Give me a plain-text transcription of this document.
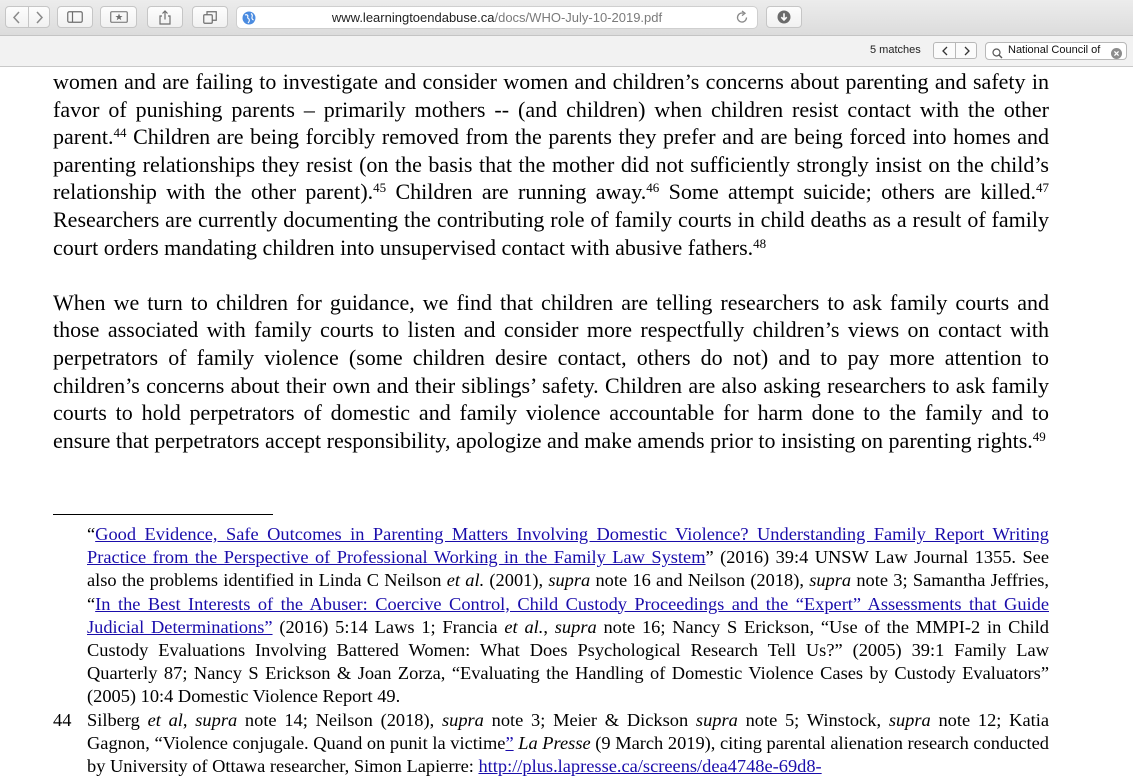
www.learningtoendabuse.ca/docs/WHO-July-10-2019.pdf
5 matches	National Council of

women and are failing to investigate and consider women and children’s concerns about parenting and safety in favor of punishing parents – primarily mothers -- (and children) when children resist contact with the other parent.$^{44}$ Children are being forcibly removed from the parents they prefer and are being forced into homes and parenting relationships they resist (on the basis that the mother did not sufficiently strongly insist on the child’s relationship with the other parent).$^{45}$ Children are running away.$^{46}$ Some attempt suicide; others are killed.$^{47}$ Researchers are currently documenting the contributing role of family courts in child deaths as a result of family court orders mandating children into unsupervised contact with abusive fathers.$^{48}$

When we turn to children for guidance, we find that children are telling researchers to ask family courts and those associated with family courts to listen and consider more respectfully children’s views on contact with perpetrators of family violence (some children desire contact, others do not) and to pay more attention to children’s concerns about their own and their siblings’ safety. Children are also asking researchers to ask family courts to hold perpetrators of domestic and family violence accountable for harm done to the family and to ensure that perpetrators accept responsibility, apologize and make amends prior to insisting on parenting rights.$^{49}$

“Good Evidence, Safe Outcomes in Parenting Matters Involving Domestic Violence? Understanding Family Report Writing Practice from the Perspective of Professional Working in the Family Law System” (2016) 39:4 UNSW Law Journal 1355. See also the problems identified in Linda C Neilson et al. (2001), supra note 16 and Neilson (2018), supra note 3; Samantha Jeffries, “In the Best Interests of the Abuser: Coercive Control, Child Custody Proceedings and the “Expert” Assessments that Guide Judicial Determinations” (2016) 5:14 Laws 1; Francia et al., supra note 16; Nancy S Erickson, “Use of the MMPI-2 in Child Custody Evaluations Involving Battered Women: What Does Psychological Research Tell Us?” (2005) 39:1 Family Law Quarterly 87; Nancy S Erickson & Joan Zorza, “Evaluating the Handling of Domestic Violence Cases by Custody Evaluators” (2005) 10:4 Domestic Violence Report 49.
44 Silberg et al, supra note 14; Neilson (2018), supra note 3; Meier & Dickson supra note 5; Winstock, supra note 12; Katia Gagnon, “Violence conjugale. Quand on punit la victime” La Presse (9 March 2019), citing parental alienation research conducted by University of Ottawa researcher, Simon Lapierre: http://plus.lapresse.ca/screens/dea4748e-69d8-
